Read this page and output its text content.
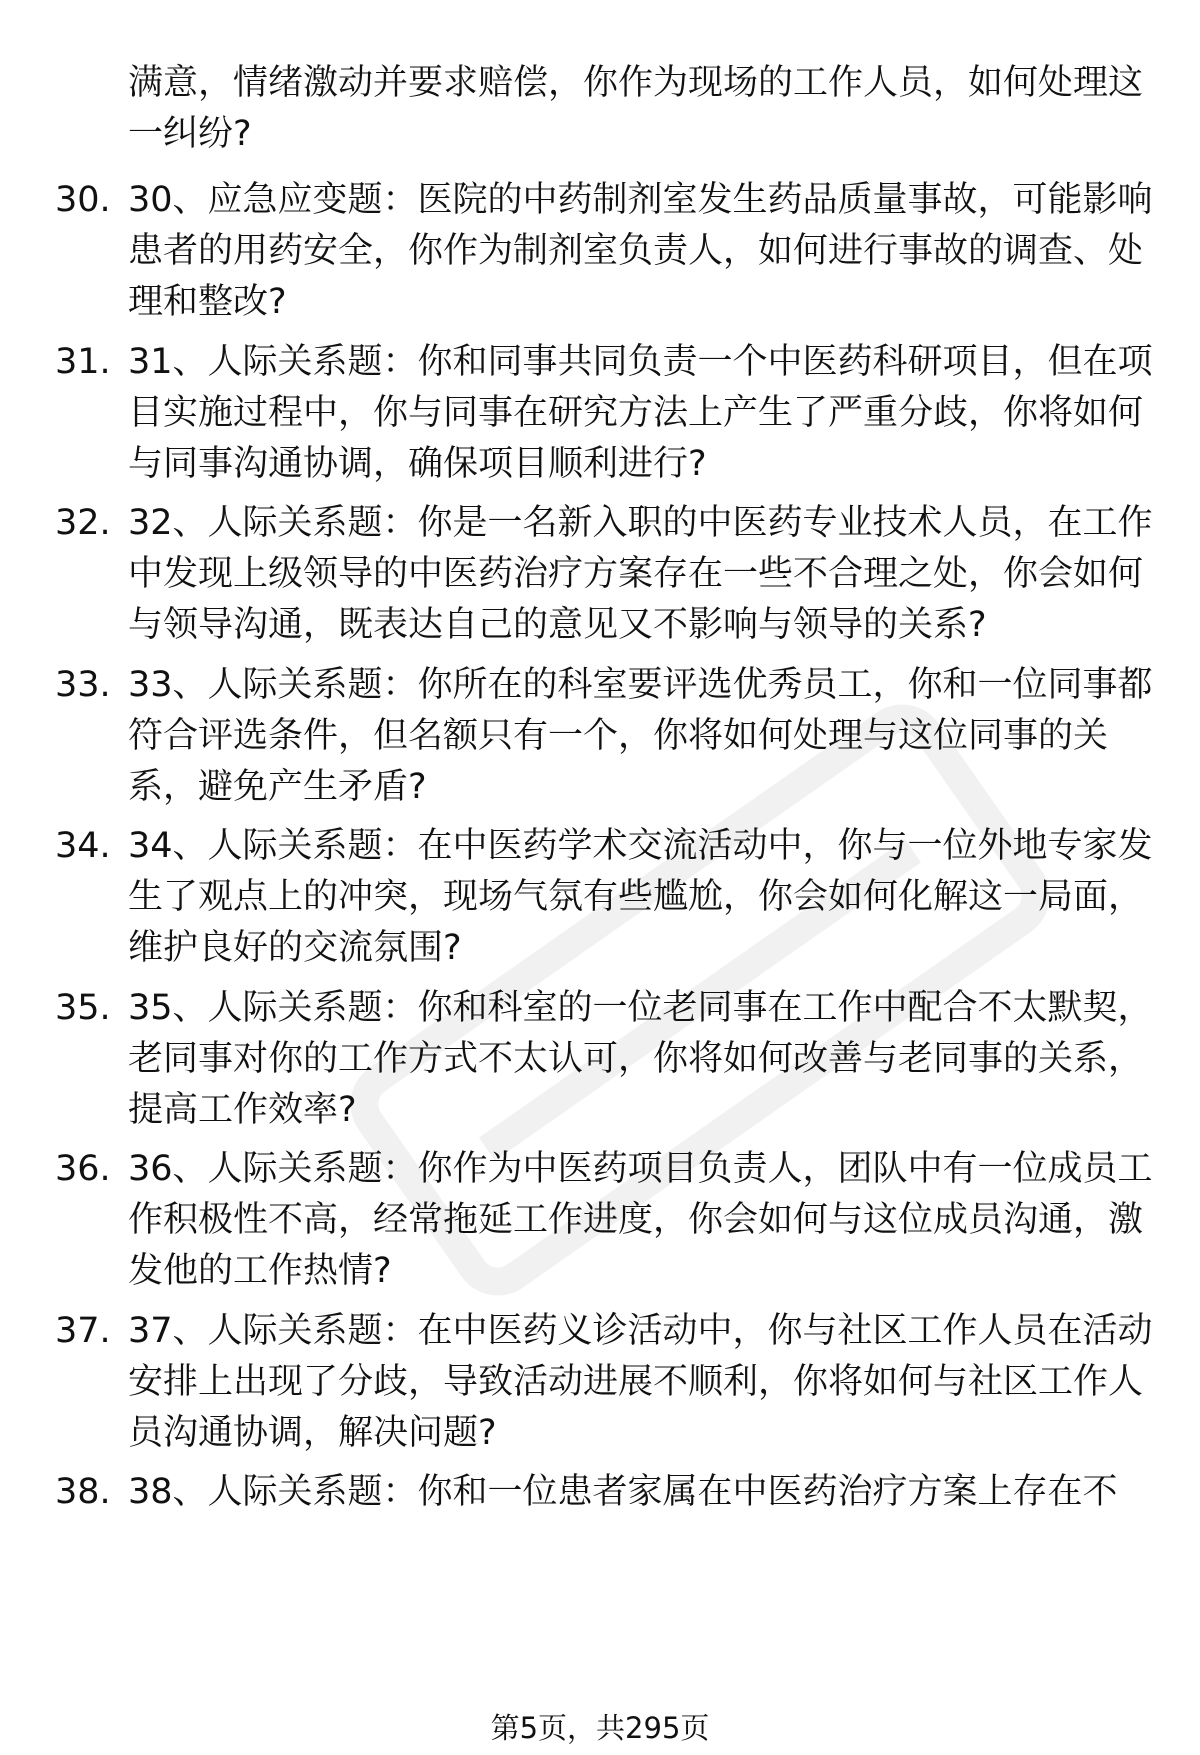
满意，情绪激动并要求赔偿，你作为现场的工作人员，如何处理这一纠纷?
30. 30、应急应变题：医院的中药制剂室发生药品质量事故，可能影响患者的用药安全，你作为制剂室负责人，如何进行事故的调查、处理和整改?
31. 31、人际关系题：你和同事共同负责一个中医药科研项目，但在项目实施过程中，你与同事在研究方法上产生了严重分歧，你将如何与同事沟通协调，确保项目顺利进行?
32. 32、人际关系题：你是一名新入职的中医药专业技术人员，在工作中发现上级领导的中医药治疗方案存在一些不合理之处，你会如何与领导沟通，既表达自己的意见又不影响与领导的关系?
33. 33、人际关系题：你所在的科室要评选优秀员工，你和一位同事都符合评选条件，但名额只有一个，你将如何处理与这位同事的关系，避免产生矛盾?
34. 34、人际关系题：在中医药学术交流活动中，你与一位外地专家发生了观点上的冲突，现场气氛有些尴尬，你会如何化解这一局面，维护良好的交流氛围?
35. 35、人际关系题：你和科室的一位老同事在工作中配合不太默契，老同事对你的工作方式不太认可，你将如何改善与老同事的关系，提高工作效率?
36. 36、人际关系题：你作为中医药项目负责人，团队中有一位成员工作积极性不高，经常拖延工作进度，你会如何与这位成员沟通，激发他的工作热情?
37. 37、人际关系题：在中医药义诊活动中，你与社区工作人员在活动安排上出现了分歧，导致活动进展不顺利，你将如何与社区工作人员沟通协调，解决问题?
38. 38、人际关系题：你和一位患者家属在中医药治疗方案上存在不
第5页，共295页
